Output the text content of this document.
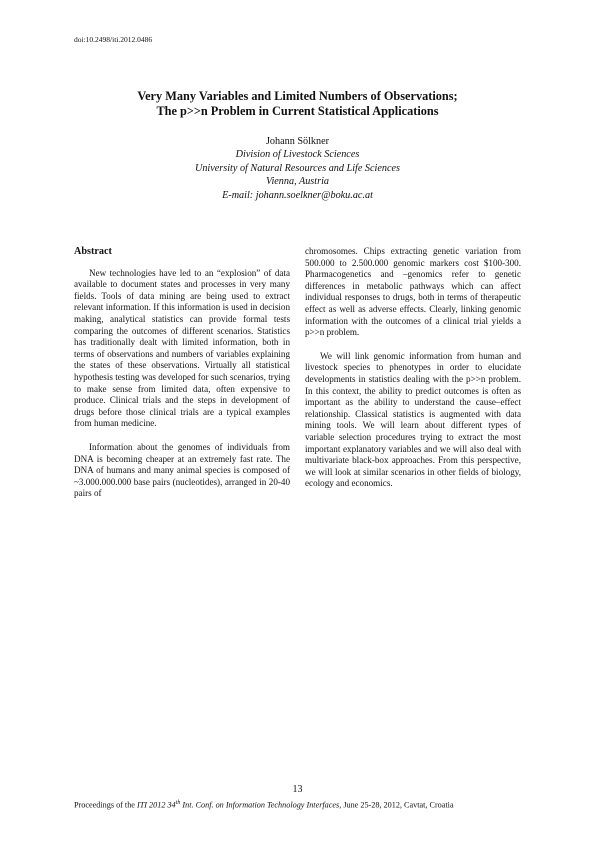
doi:10.2498/iti.2012.0486
Very Many Variables and Limited Numbers of Observations;
The p>>n Problem in Current Statistical Applications
Johann Sölkner
Division of Livestock Sciences
University of Natural Resources and Life Sciences
Vienna, Austria
E-mail: johann.soelkner@boku.ac.at
Abstract

New technologies have led to an “explosion” of data available to document states and processes in very many fields. Tools of data mining are being used to extract relevant information. If this information is used in decision making, analytical statistics can provide formal tests comparing the outcomes of different scenarios. Statistics has traditionally dealt with limited information, both in terms of observations and numbers of variables explaining the states of these observations. Virtually all statistical hypothesis testing was developed for such scenarios, trying to make sense from limited data, often expensive to produce. Clinical trials and the steps in development of drugs before those clinical trials are a typical examples from human medicine.

Information about the genomes of individuals from DNA is becoming cheaper at an extremely fast rate. The DNA of humans and many animal species is composed of ~3.000.000.000 base pairs (nucleotides), arranged in 20-40 pairs of

chromosomes. Chips extracting genetic variation from 500.000 to 2.500.000 genomic markers cost $100-300. Pharmacogenetics and –genomics refer to genetic differences in metabolic pathways which can affect individual responses to drugs, both in terms of therapeutic effect as well as adverse effects. Clearly, linking genomic information with the outcomes of a clinical trial yields a p>>n problem.

We will link genomic information from human and livestock species to phenotypes in order to elucidate developments in statistics dealing with the p>>n problem. In this context, the ability to predict outcomes is often as important as the ability to understand the cause–effect relationship. Classical statistics is augmented with data mining tools. We will learn about different types of variable selection procedures trying to extract the most important explanatory variables and we will also deal with multivariate black-box approaches. From this perspective, we will look at similar scenarios in other fields of biology, ecology and economics.

13
Proceedings of the ITI 2012 34th Int. Conf. on Information Technology Interfaces, June 25-28, 2012, Cavtat, Croatia
